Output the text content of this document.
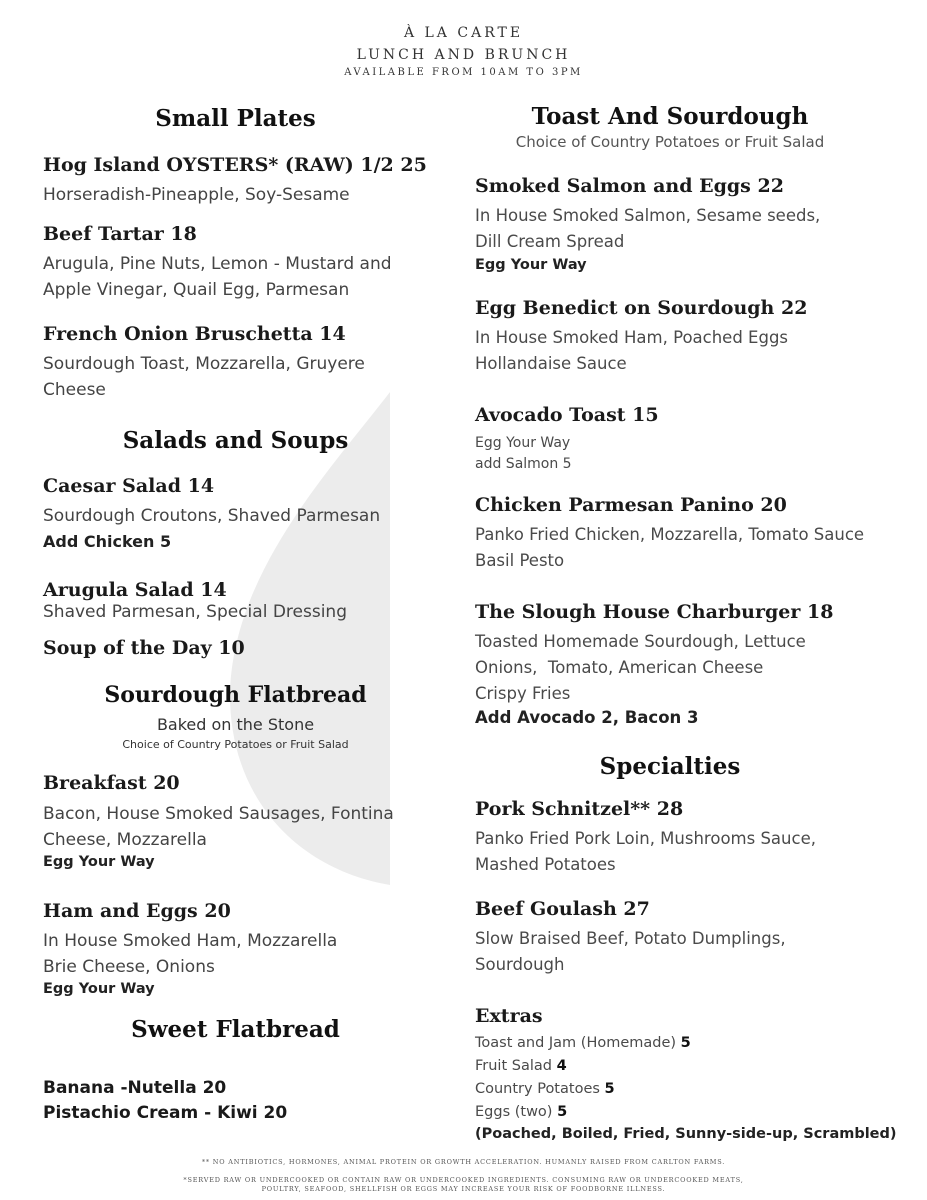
À LA CARTE
LUNCH AND BRUNCH
AVAILABLE FROM 10AM TO 3PM
Small Plates
Hog Island OYSTERS* (RAW) 1/2 25
Horseradish-Pineapple, Soy-Sesame
Beef Tartar 18
Arugula, Pine Nuts, Lemon - Mustard and Apple Vinegar, Quail Egg, Parmesan
French Onion Bruschetta 14
Sourdough Toast, Mozzarella, Gruyere Cheese
Salads and Soups
Caesar Salad 14
Sourdough Croutons, Shaved Parmesan
Add Chicken 5
Arugula Salad 14
Shaved Parmesan, Special Dressing
Soup of the Day 10
Sourdough Flatbread
Baked on the Stone
Choice of Country Potatoes or Fruit Salad
Breakfast 20
Bacon, House Smoked Sausages, Fontina Cheese, Mozzarella
Egg Your Way
Ham and Eggs 20
In House Smoked Ham, Mozzarella Brie Cheese, Onions
Egg Your Way
Sweet Flatbread
Banana -Nutella 20
Pistachio Cream - Kiwi 20
Toast And Sourdough
Choice of Country Potatoes or Fruit Salad
Smoked Salmon and Eggs 22
In House Smoked Salmon, Sesame seeds, Dill Cream Spread
Egg Your Way
Egg Benedict on Sourdough 22
In House Smoked Ham, Poached Eggs
Hollandaise Sauce
Avocado Toast 15
Egg Your Way
add Salmon 5
Chicken Parmesan Panino 20
Panko Fried Chicken, Mozzarella, Tomato Sauce
Basil Pesto
The Slough House Charburger 18
Toasted Homemade Sourdough, Lettuce
Onions,  Tomato, American Cheese
Crispy Fries
Add Avocado 2, Bacon 3
Specialties
Pork Schnitzel** 28
Panko Fried Pork Loin, Mushrooms Sauce, Mashed Potatoes
Beef Goulash 27
Slow Braised Beef, Potato Dumplings, Sourdough
Extras
Toast and Jam (Homemade) 5
Fruit Salad 4
Country Potatoes 5
Eggs (two) 5
(Poached, Boiled, Fried, Sunny-side-up, Scrambled)
** NO ANTIBIOTICS, HORMONES, ANIMAL PROTEIN OR GROWTH ACCELERATION. HUMANLY RAISED FROM CARLTON FARMS.
*SERVED RAW OR UNDERCOOKED OR CONTAIN RAW OR UNDERCOOKED INGREDIENTS. CONSUMING RAW OR UNDERCOOKED MEATS,
POULTRY, SEAFOOD, SHELLFISH OR EGGS MAY INCREASE YOUR RISK OF FOODBORNE ILLNESS.
